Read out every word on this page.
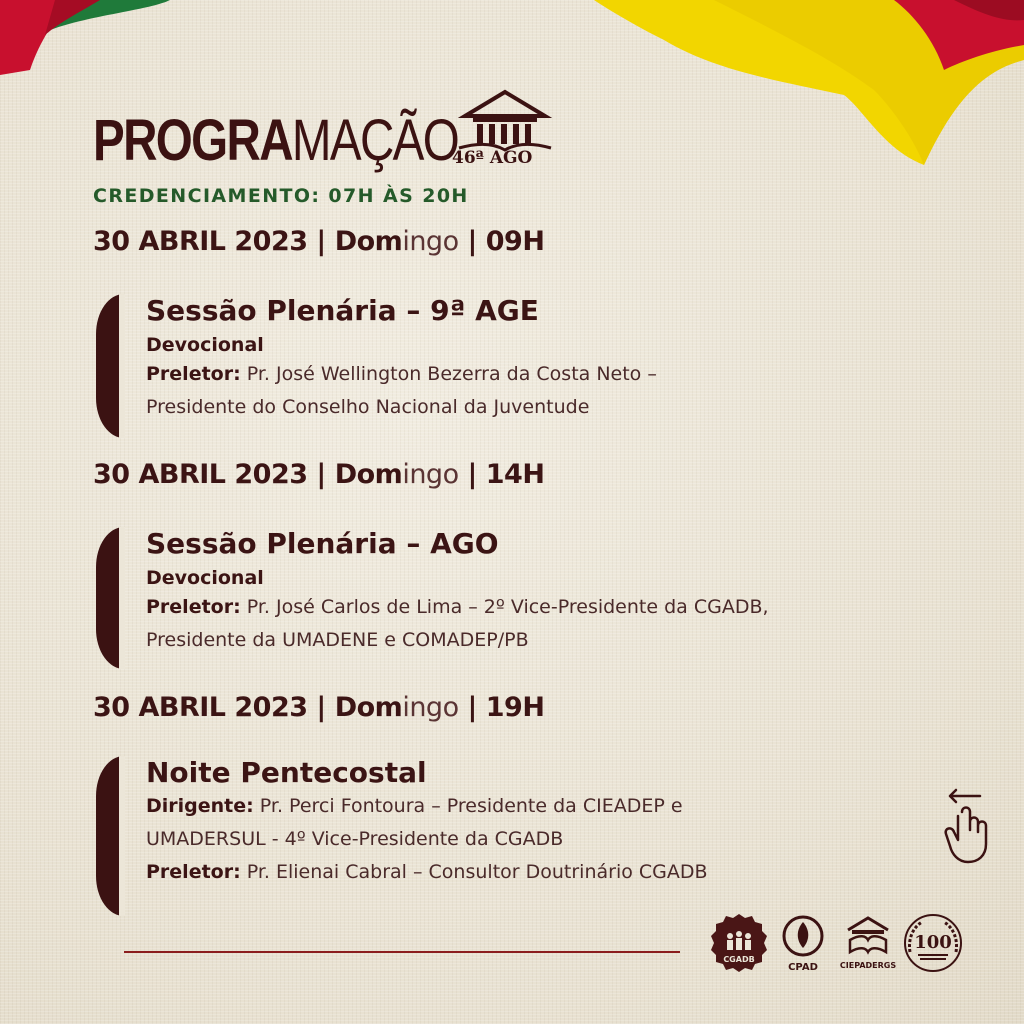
PROGRAMAÇÃO
46ª AGO
CREDENCIAMENTO: 07H ÀS 20H
30 ABRIL 2023 | Domingo | 09H
Sessão Plenária – 9ª AGE
Devocional
Preletor: Pr. José Wellington Bezerra da Costa Neto –
Presidente do Conselho Nacional da Juventude
30 ABRIL 2023 | Domingo | 14H
Sessão Plenária – AGO
Devocional
Preletor: Pr. José Carlos de Lima – 2º Vice-Presidente da CGADB,
Presidente da UMADENE e COMADEP/PB
30 ABRIL 2023 | Domingo | 19H
Noite Pentecostal
Dirigente: Pr. Perci Fontoura – Presidente da CIEADEP e
UMADERSUL - 4º Vice-Presidente da CGADB
Preletor: Pr. Elienai Cabral – Consultor Doutrinário CGADB
CGADB
CPAD	CIEPADERGS
100
